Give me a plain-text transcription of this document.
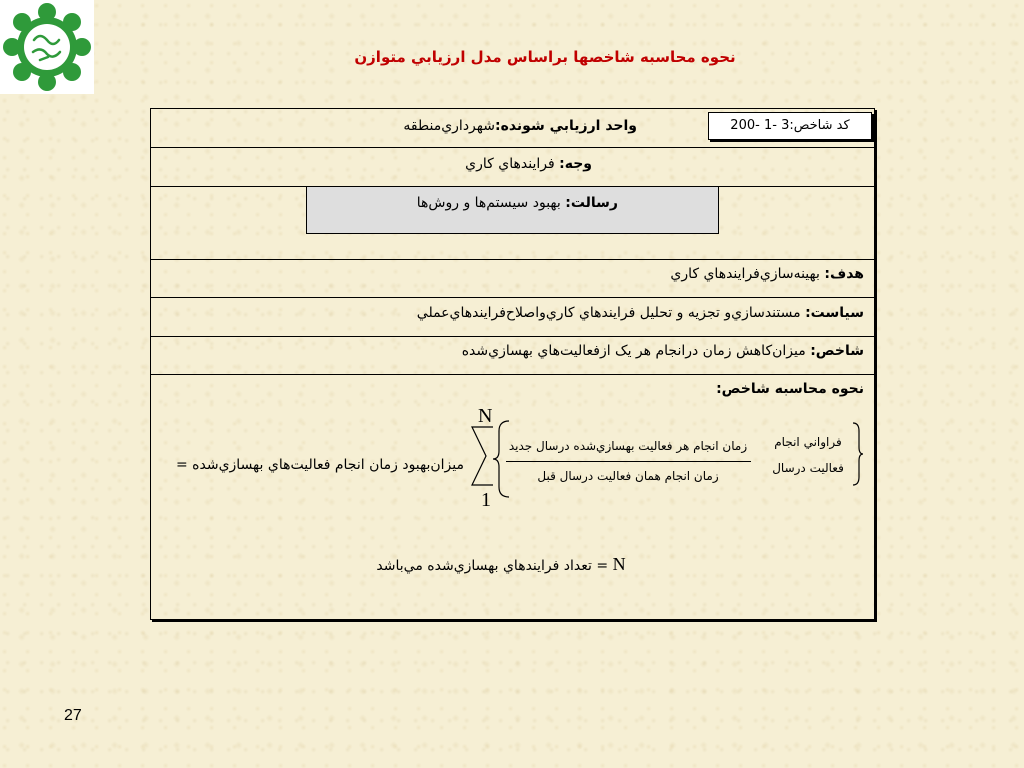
نحوه محاسبه شاخصها براساس مدل ارزيابي متوازن
واحد ارزيابي شونده:شهرداري‌منطقه	کد شاخص:3 -1 -200
وجه: فرايندهاي کاري
رسالت: بهبود سيستم‌ها و روش‌ها
هدف: بهينه‌سازي‌فرايندهاي کاري
سياست: مستندسازي‌و تجزيه و تحليل فرايندهاي کاري‌واصلاح‌فرايندهاي‌عملي
شاخص: ميزان‌کاهش زمان درانجام هر يک ازفعاليت‌هاي بهسازي‌شده
نحوه محاسبه شاخص:
ميزان‌بهبود زمان انجام فعاليت‌هاي بهسازي‌شده =
N
1
زمان انجام هر فعاليت بهسازي‌شده درسال جديد
زمان انجام همان فعاليت درسال قبل
فراواني انجام
فعاليت درسال
N = تعداد فرايندهاي بهسازي‌شده مي‌باشد
27
